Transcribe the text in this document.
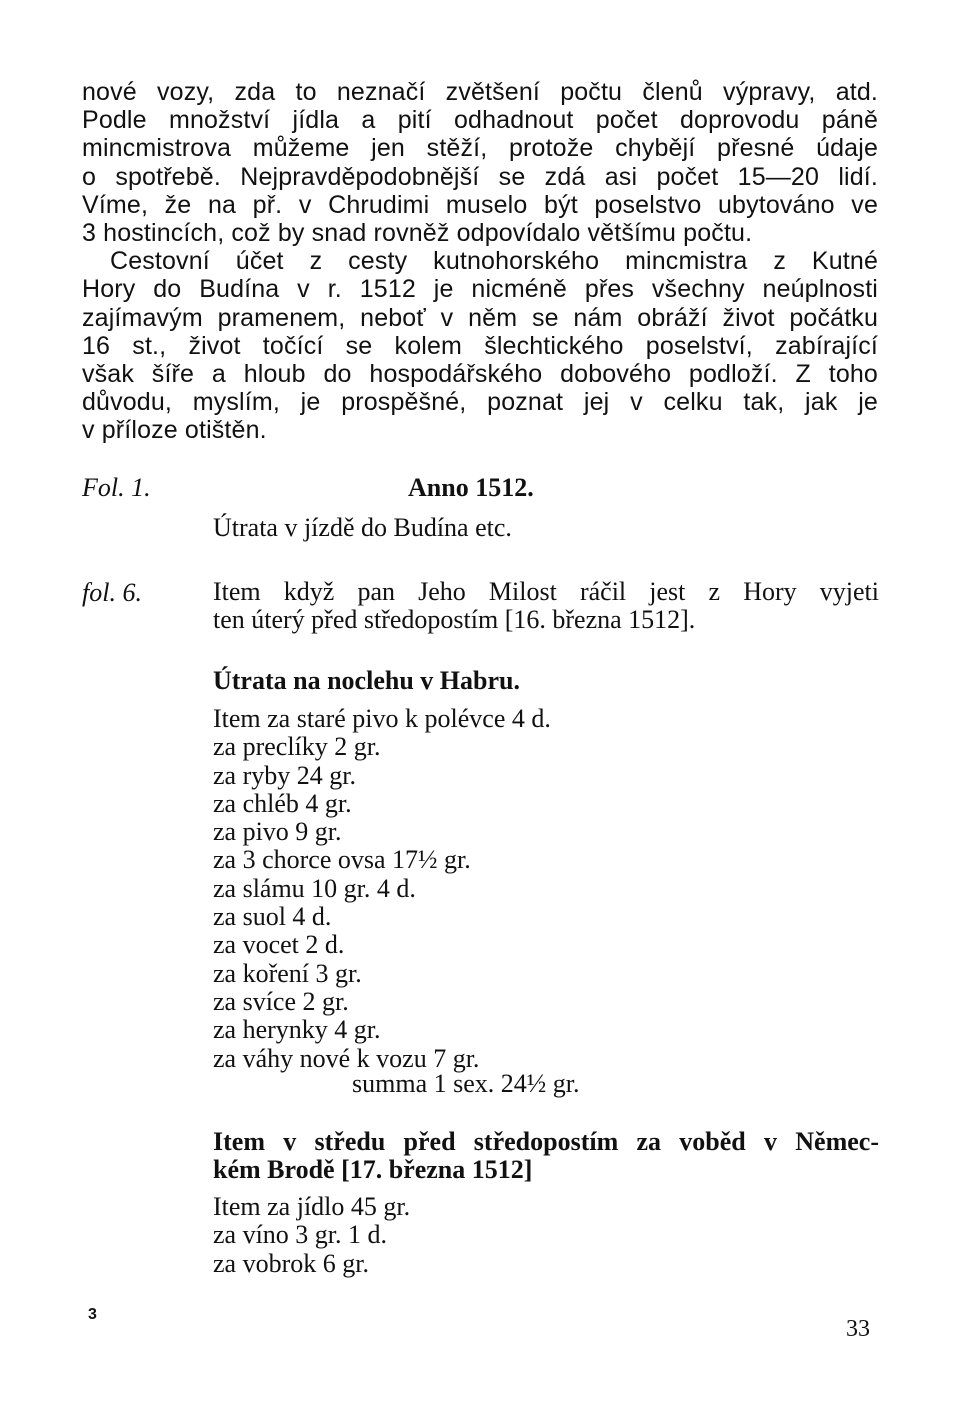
nové vozy, zda to neznačí zvětšení počtu členů výpravy, atd.
Podle množství jídla a pití odhadnout počet doprovodu páně
mincmistrova můžeme jen stěží, protože chybějí přesné údaje
o spotřebě. Nejpravděpodobnější se zdá asi počet 15—20 lidí.
Víme, že na př. v Chrudimi muselo být poselstvo ubytováno ve
3 hostincích, což by snad rovněž odpovídalo většímu počtu.
Cestovní účet z cesty kutnohorského mincmistra z Kutné
Hory do Budína v r. 1512 je nicméně přes všechny neúplnosti
zajímavým pramenem, neboť v něm se nám obráží život počátku
16 st., život točící se kolem šlechtického poselství, zabírající
však šíře a hloub do hospodářského dobového podloží. Z toho
důvodu, myslím, je prospěšné, poznat jej v celku tak, jak je
v příloze otištěn.
Fol. 1.	Anno 1512.
Útrata v jízdě do Budína etc.
fol. 6.	Item když pan Jeho Milost ráčil jest z Hory vyjeti
ten úterý před středopostím [16. března 1512].
Útrata na noclehu v Habru.
Item za staré pivo k polévce 4 d.
za preclíky 2 gr.
za ryby 24 gr.
za chléb 4 gr.
za pivo 9 gr.
za 3 chorce ovsa 17½ gr.
za slámu 10 gr. 4 d.
za suol 4 d.
za vocet 2 d.
za koření 3 gr.
za svíce 2 gr.
za herynky 4 gr.
za váhy nové k vozu 7 gr.
summa 1 sex. 24½ gr.
Item v středu před středopostím za voběd v Němec-
kém Brodě [17. března 1512]
Item za jídlo 45 gr.
za víno 3 gr. 1 d.
za vobrok 6 gr.
3
33
